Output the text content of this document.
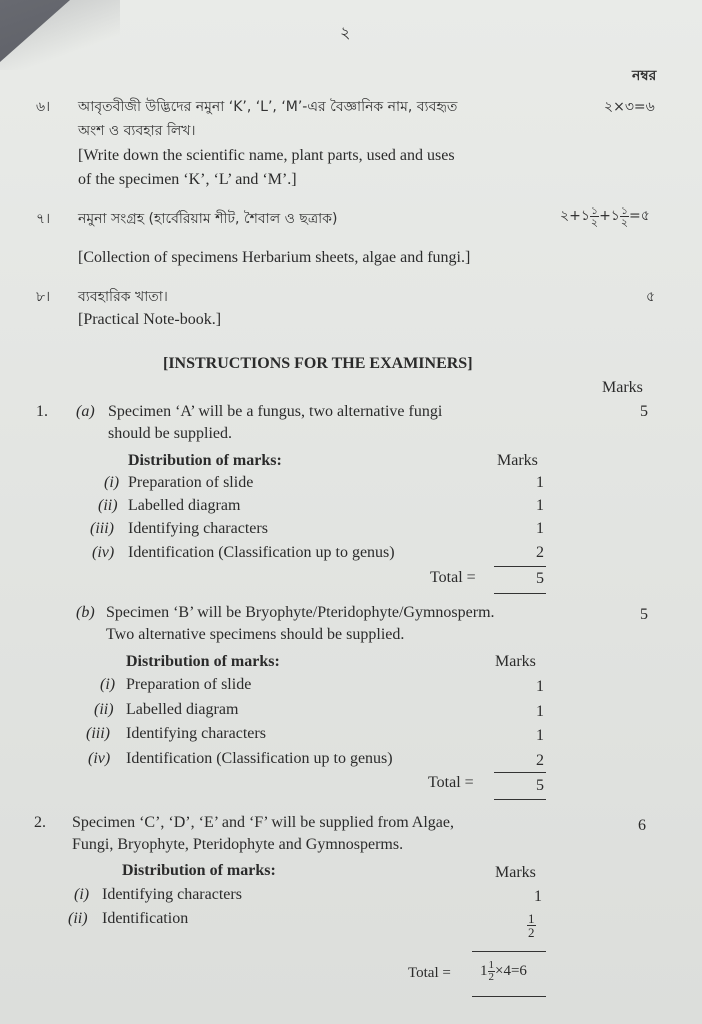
২
নম্বর
৬। আবৃতবীজী উদ্ভিদের নমুনা ‘K’, ‘L’, ‘M’-এর বৈজ্ঞানিক নাম, ব্যবহৃত
অংশ ও ব্যবহার লিখ।
২×৩=৬
[Write down the scientific name, plant parts, used and uses
of the specimen ‘K’, ‘L’ and ‘M’.]
৭। নমুনা সংগ্রহ (হার্বেরিয়াম শীট, শৈবাল ও ছত্রাক)	২+১ $\frac{১}{২}$ +১ $\frac{১}{২}$ =৫
[Collection of specimens Herbarium sheets, algae and fungi.]
৮। ব্যবহারিক খাতা।	৫
[Practical Note-book.]
[INSTRUCTIONS FOR THE EXAMINERS]
Marks
1. (a) Specimen ‘A’ will be a fungus, two alternative fungi
should be supplied.
5
Distribution of marks:	Marks
(i) Preparation of slide	1
(ii) Labelled diagram	1
(iii) Identifying characters	1
(iv) Identification (Classification up to genus)	2
Total =	5
(b) Specimen ‘B’ will be Bryophyte/Pteridophyte/Gymnosperm.
Two alternative specimens should be supplied.
5
Distribution of marks:	Marks
(i) Preparation of slide	1
(ii) Labelled diagram	1
(iii) Identifying characters	1
(iv) Identification (Classification up to genus)	2
Total =	5
2. Specimen ‘C’, ‘D’, ‘E’ and ‘F’ will be supplied from Algae,
Fungi, Bryophyte, Pteridophyte and Gymnosperms.
6
Distribution of marks:	Marks
(i) Identifying characters	1
(ii) Identification	$\frac{1}{2}$
Total = $1 \frac{1}{2} \times 4=6$
